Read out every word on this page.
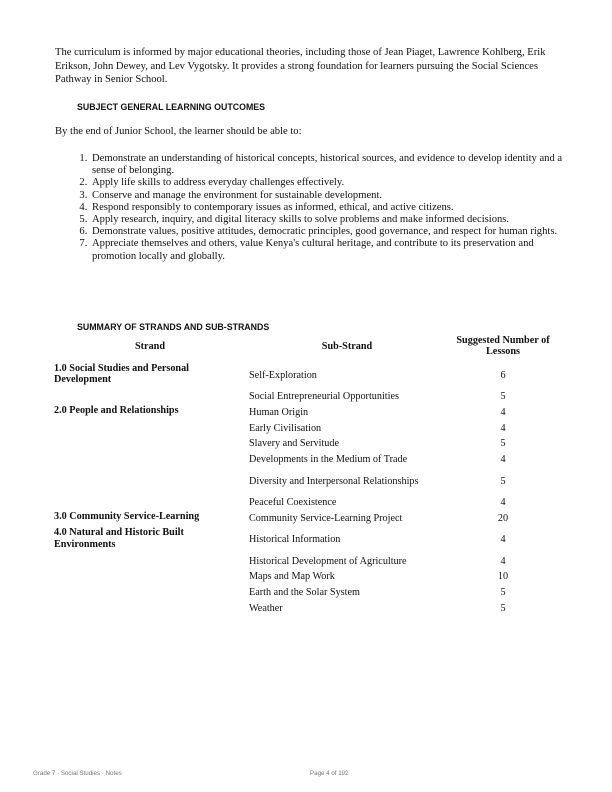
The curriculum is informed by major educational theories, including those of Jean Piaget, Lawrence Kohlberg, Erik Erikson, John Dewey, and Lev Vygotsky. It provides a strong foundation for learners pursuing the Social Sciences Pathway in Senior School.

SUBJECT GENERAL LEARNING OUTCOMES

By the end of Junior School, the learner should be able to:

1. Demonstrate an understanding of historical concepts, historical sources, and evidence to develop identity and a sense of belonging.
2. Apply life skills to address everyday challenges effectively.
3. Conserve and manage the environment for sustainable development.
4. Respond responsibly to contemporary issues as informed, ethical, and active citizens.
5. Apply research, inquiry, and digital literacy skills to solve problems and make informed decisions.
6. Demonstrate values, positive attitudes, democratic principles, good governance, and respect for human rights.
7. Appreciate themselves and others, value Kenya's cultural heritage, and contribute to its preservation and promotion locally and globally.
SUMMARY OF STRANDS AND SUB-STRANDS
Strand	Sub-Strand	Suggested Number of Lessons
1.0 Social Studies and Personal Development	Self-Exploration	6
	Social Entrepreneurial Opportunities	5
2.0 People and Relationships	Human Origin	4
	Early Civilisation	4
	Slavery and Servitude	5
	Developments in the Medium of Trade	4
	Diversity and Interpersonal Relationships	5
	Peaceful Coexistence	4
3.0 Community Service-Learning	Community Service-Learning Project	20
4.0 Natural and Historic Built Environments	Historical Information	4
	Historical Development of Agriculture	4
	Maps and Map Work	10
	Earth and the Solar System	5
	Weather	5
Grade 7 · Social Studies · Notes	Page 4 of 192
